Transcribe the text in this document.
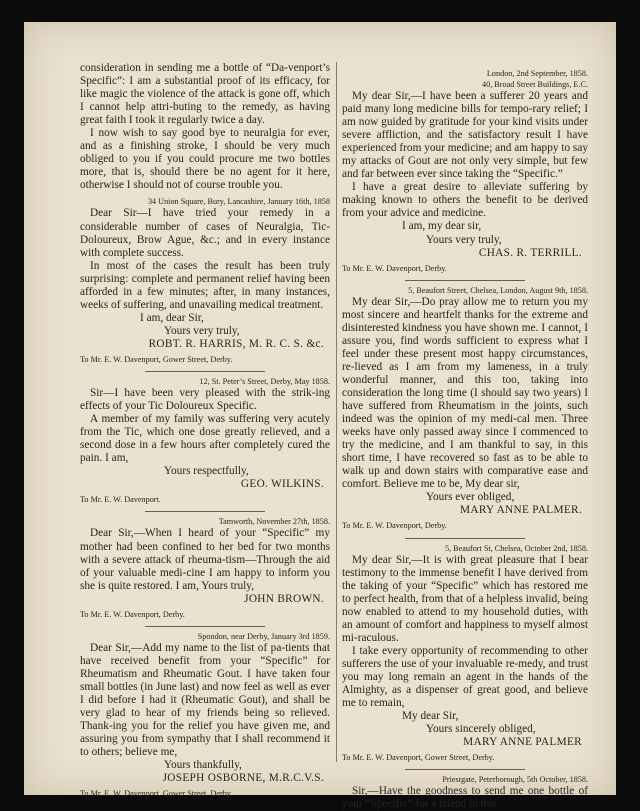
consideration in sending me a bottle of “Da-venport’s Specific”: I am a substantial proof of its efficacy, for like magic the violence of the attack is gone off, which I cannot help attri-buting to the remedy, as having great faith I took it regularly twice a day.

I now wish to say good bye to neuralgia for ever, and as a finishing stroke, I should be very much obliged to you if you could procure me two bottles more, that is, should there be no agent for it here, otherwise I should not of course trouble you.

34 Union Square, Bury, Lancashire, January 16th, 1858

Dear Sir—I have tried your remedy in a considerable number of cases of Neuralgia, Tic-Doloureux, Brow Ague, &c.; and in every instance with complete success.

In most of the cases the result has been truly surprising: complete and permanent relief having been afforded in a few minutes; after, in many instances, weeks of suffering, and unavailing medical treatment.

I am, dear Sir,
Yours very truly,
ROBT. R. HARRIS, M. R. C. S. &c.
To Mr. E. W. Davenport, Gower Street, Derby.
12, St. Peter’s Street, Derby, May 1858.

Sir—I have been very pleased with the strik-ing effects of your Tic Doloureux Specific.

A member of my family was suffering very acutely from the Tic, which one dose greatly relieved, and a second dose in a few hours after completely cured the pain. I am,

Yours respectfully,
GEO. WILKINS.
To Mr. E. W. Davenport.
Tamworth, November 27th, 1858.

Dear Sir,—When I heard of your “Specific” my mother had been confined to her bed for two months with a severe attack of rheuma-tism—Through the aid of your valuable medi-cine I am happy to inform you she is quite restored. I am, Yours truly,

JOHN BROWN.
To Mr. E. W. Davenport, Derby.
Spondon, near Derby, January 3rd 1859.

Dear Sir,—Add my name to the list of pa-tients that have received benefit from your “Specific” for Rheumatism and Rheumatic Gout. I have taken four small bottles (in June last) and now feel as well as ever I did before I had it (Rheumatic Gout), and shall be very glad to hear of my friends being so relieved. Thank-ing you for the relief you have given me, and assuring you from sympathy that I shall recommend it to others; believe me,

Yours thankfully,
JOSEPH OSBORNE, M.R.C.V.S.
To Mr. E. W. Davenport, Gower Street, Derby.
London, 2nd September, 1858.
40, Broad Street Buildings, E.C.

My dear Sir,—I have been a sufferer 20 years and paid many long medicine bills for tempo-rary relief; I am now guided by gratitude for your kind visits under severe affliction, and the satisfactory result I have experienced from your medicine; and am happy to say my attacks of Gout are not only very simple, but few and far between ever since taking the “Specific.”

I have a great desire to alleviate suffering by making known to others the benefit to be derived from your advice and medicine.

I am, my dear sir,
Yours very truly,
CHAS. R. TERRILL.
To Mr. E. W. Davenport, Derby.
5, Beaufort Street, Chelsea, London, August 9th, 1858.

My dear Sir,—Do pray allow me to return you my most sincere and heartfelt thanks for the extreme and disinterested kindness you have shown me. I cannot, I assure you, find words sufficient to express what I feel under these present most happy circumstances, re-lieved as I am from my lameness, in a truly wonderful manner, and this too, taking into consideration the long time (I should say two years) I have suffered from Rheumatism in the joints, such indeed was the opinion of my medi-cal men. Three weeks have only passed away since I commenced to try the medicine, and I am thankful to say, in this short time, I have recovered so fast as to be able to walk up and down stairs with comparative ease and comfort. Believe me to be, My dear sir,

Yours ever obliged,
MARY ANNE PALMER.
To Mr. E. W. Davenport, Derby.
5, Beaufort St, Chelsea, October 2nd, 1858.

My dear Sir,—It is with great pleasure that I bear testimony to the immense benefit I have derived from the taking of your “Specific” which has restored me to perfect health, from that of a helpless invalid, being now enabled to attend to my household duties, with an amount of comfort and happiness to myself almost mi-raculous.

I take every opportunity of recommending to other sufferers the use of your invaluable re-medy, and trust you may long remain an agent in the hands of the Almighty, as a dispenser of great good, and believe me to remain,

My dear Sir,
Yours sincerely obliged,
MARY ANNE PALMER
To Mr. E. W. Davenport, Gower Street, Derby.
Priestgate, Peterborough, 5th October, 1858.

Sir,—Have the goodness to send me one bottle of your “Specific” for a friend in this
